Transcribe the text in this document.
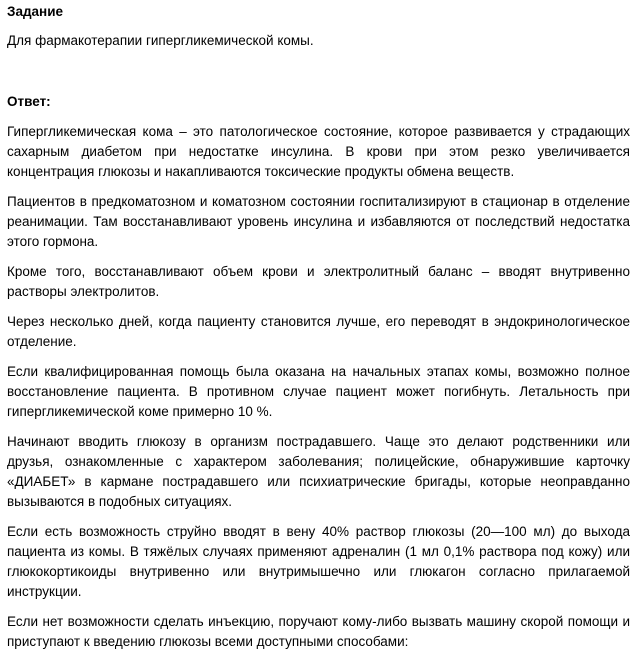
Задание

Для фармакотерапии гипергликемической комы.

Ответ:

Гипергликемическая кома – это патологическое состояние, которое развивается у страдающих сахарным диабетом при недостатке инсулина. В крови при этом резко увеличивается концентрация глюкозы и накапливаются токсические продукты обмена веществ.

Пациентов в предкоматозном и коматозном состоянии госпитализируют в стационар в отделение реанимации. Там восстанавливают уровень инсулина и избавляются от последствий недостатка этого гормона.

Кроме того, восстанавливают объем крови и электролитный баланс – вводят внутривенно растворы электролитов.

Через несколько дней, когда пациенту становится лучше, его переводят в эндокринологическое отделение.

Если квалифицированная помощь была оказана на начальных этапах комы, возможно полное восстановление пациента. В противном случае пациент может погибнуть. Летальность при гипергликемической коме примерно 10 %.

Начинают вводить глюкозу в организм пострадавшего. Чаще это делают родственники или друзья, ознакомленные с характером заболевания; полицейские, обнаружившие карточку «ДИАБЕТ» в кармане пострадавшего или психиатрические бригады, которые неоправданно вызываются в подобных ситуациях.

Если есть возможность струйно вводят в вену 40% раствор глюкозы (20—100 мл) до выхода пациента из комы. В тяжёлых случаях применяют адреналин (1 мл 0,1% раствора под кожу) или глюкокортикоиды внутривенно или внутримышечно или глюкагон согласно прилагаемой инструкции.

Если нет возможности сделать инъекцию, поручают кому-либо вызвать машину скорой помощи и приступают к введению глюкозы всеми доступными способами:
